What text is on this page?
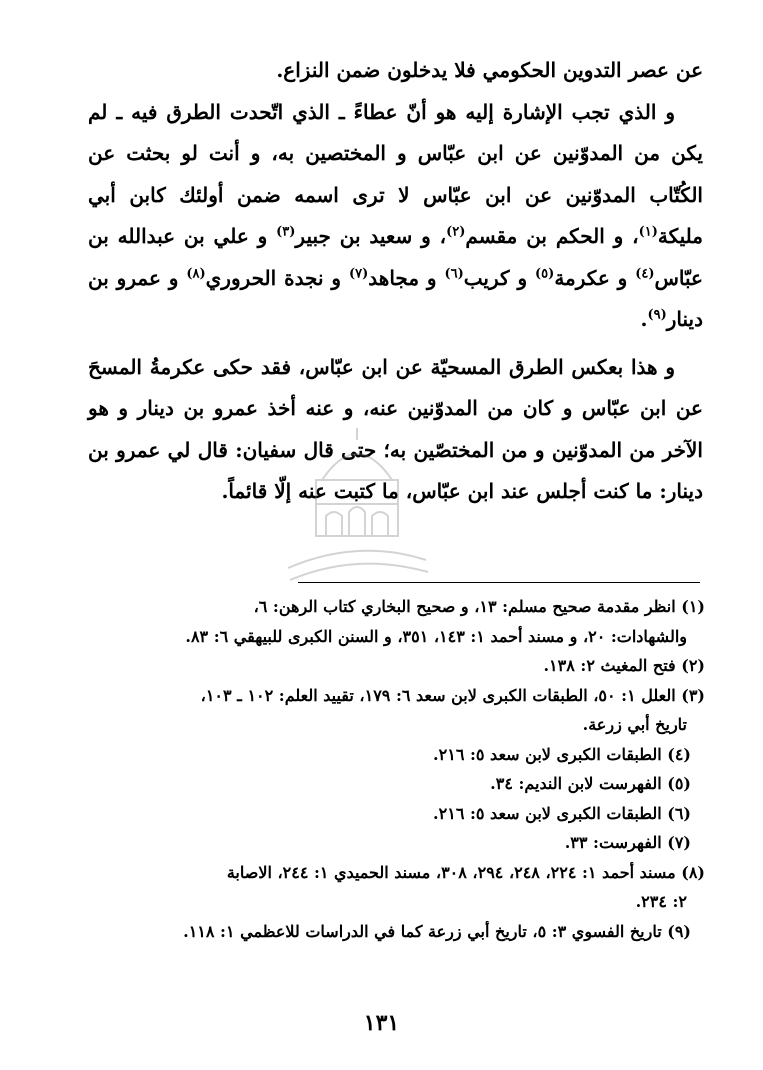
عن عصر التدوين الحكومي فلا يدخلون ضمن النزاع.

و الذي تجب الإشارة إليه هو أنّ عطاءً ـ الذي اتّحدت الطرق فيه ـ لم يكن من المدوّنين عن ابن عبّاس و المختصين به، و أنت لو بحثت عن الكُتّاب المدوّنين عن ابن عبّاس لا ترى اسمه ضمن أولئك كابن أبي مليكة$^{(١)}$، و الحكم بن مقسم$^{(٢)}$، و سعيد بن جبير$^{(٣)}$ و علي بن عبدالله بن عبّاس$^{(٤)}$ و عكرمة$^{(٥)}$ و كريب$^{(٦)}$ و مجاهد$^{(٧)}$ و نجدة الحروري$^{(٨)}$ و عمرو بن دينار$^{(٩)}$.

و هذا بعكس الطرق المسحيّة عن ابن عبّاس، فقد حكى عكرمةُ المسحَ عن ابن عبّاس و كان من المدوّنين عنه، و عنه أخذ عمرو بن دينار و هو الآخر من المدوّنين و من المختصّين به؛ حتى قال سفيان: قال لي عمرو بن دينار: ما كنت أجلس عند ابن عبّاس، ما كتبت عنه إلّا قائماً.

(١) انظر مقدمة صحيح مسلم: ١٣، و صحيح البخاري كتاب الرهن: ٦،

والشهادات: ٢٠، و مسند أحمد ١: ١٤٣، ٣٥١، و السنن الكبرى للبيهقي ٦: ٨٣.

(٢) فتح المغيث ٢: ١٣٨.

(٣) العلل ١: ٥٠، الطبقات الكبرى لابن سعد ٦: ١٧٩، تقييد العلم: ١٠٢ ـ ١٠٣،

تاريخ أبي زرعة.

(٤) الطبقات الكبرى لابن سعد ٥: ٢١٦.

(٥) الفهرست لابن النديم: ٣٤.

(٦) الطبقات الكبرى لابن سعد ٥: ٢١٦.

(٧) الفهرست: ٣٣.

(٨) مسند أحمد ١: ٢٢٤، ٢٤٨، ٢٩٤، ٣٠٨، مسند الحميدي ١: ٢٤٤، الاصابة

٢: ٢٣٤.

(٩) تاريخ الفسوي ٣: ٥، تاريخ أبي زرعة كما في الدراسات للاعظمي ١: ١١٨.

١٣١
